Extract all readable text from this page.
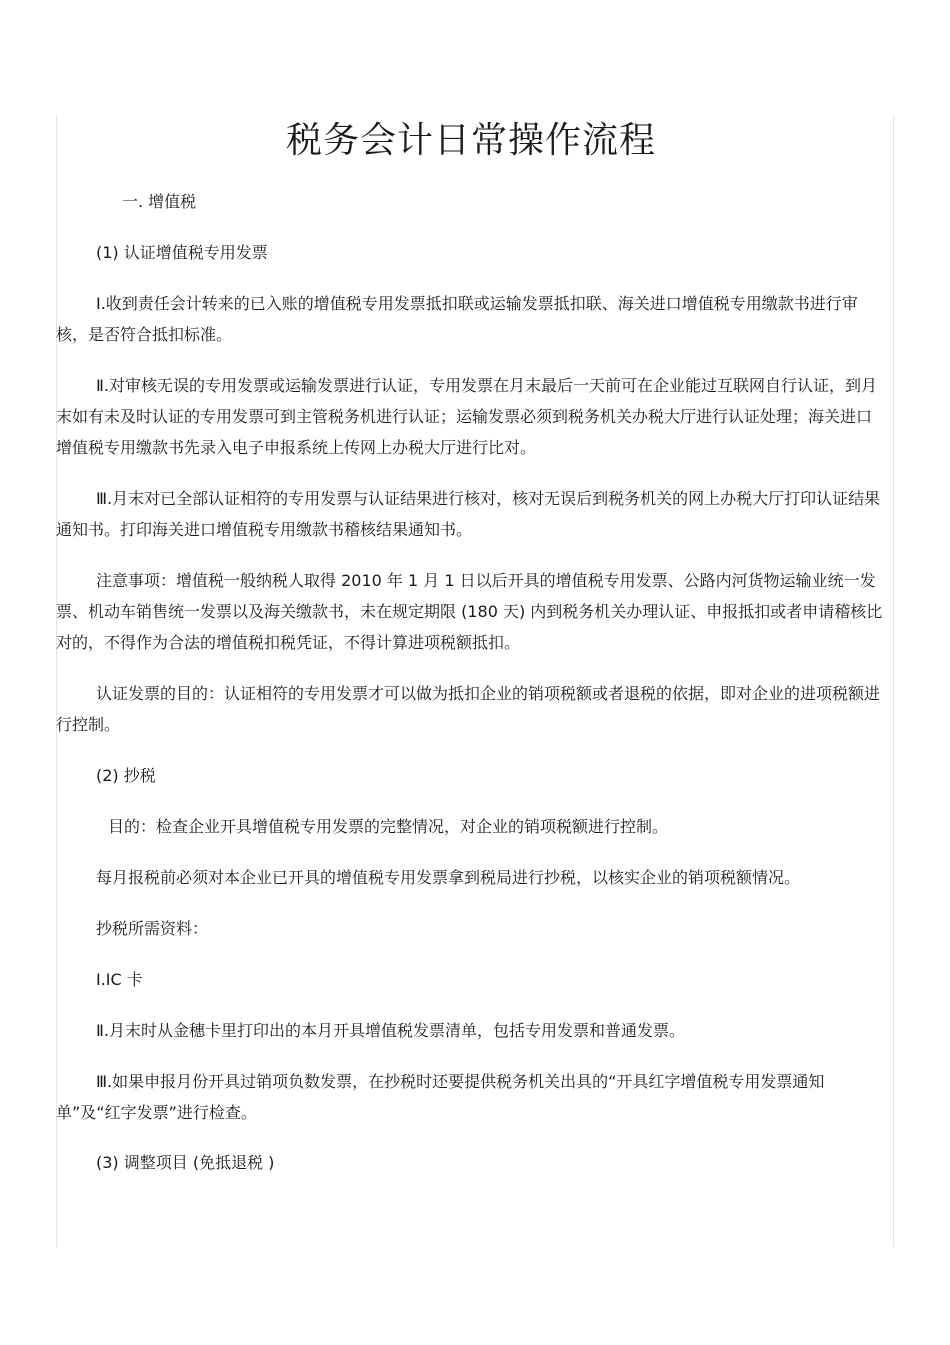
税务会计日常操作流程

一. 增值税

(1) 认证增值税专用发票

Ⅰ.收到责任会计转来的已入账的增值税专用发票抵扣联或运输发票抵扣联、海关进口增值税专用缴款书进行审核，是否符合抵扣标准。

Ⅱ.对审核无误的专用发票或运输发票进行认证，专用发票在月末最后一天前可在企业能过互联网自行认证，到月末如有未及时认证的专用发票可到主管税务机进行认证；运输发票必须到税务机关办税大厅进行认证处理；海关进口增值税专用缴款书先录入电子申报系统上传网上办税大厅进行比对。

Ⅲ.月末对已全部认证相符的专用发票与认证结果进行核对，核对无误后到税务机关的网上办税大厅打印认证结果通知书。打印海关进口增值税专用缴款书稽核结果通知书。

注意事项：增值税一般纳税人取得 2010 年 1 月 1 日以后开具的增值税专用发票、公路内河货物运输业统一发票、机动车销售统一发票以及海关缴款书，未在规定期限 (180 天) 内到税务机关办理认证、申报抵扣或者申请稽核比对的，不得作为合法的增值税扣税凭证，不得计算进项税额抵扣。

认证发票的目的：认证相符的专用发票才可以做为抵扣企业的销项税额或者退税的依据，即对企业的进项税额进行控制。

(2) 抄税

目的：检查企业开具增值税专用发票的完整情况，对企业的销项税额进行控制。

每月报税前必须对本企业已开具的增值税专用发票拿到税局进行抄税，以核实企业的销项税额情况。

抄税所需资料：

Ⅰ.IC 卡

Ⅱ.月末时从金穗卡里打印出的本月开具增值税发票清单，包括专用发票和普通发票。

Ⅲ.如果申报月份开具过销项负数发票，在抄税时还要提供税务机关出具的“开具红字增值税专用发票通知单”及“红字发票”进行检查。

(3) 调整项目 (免抵退税 )
